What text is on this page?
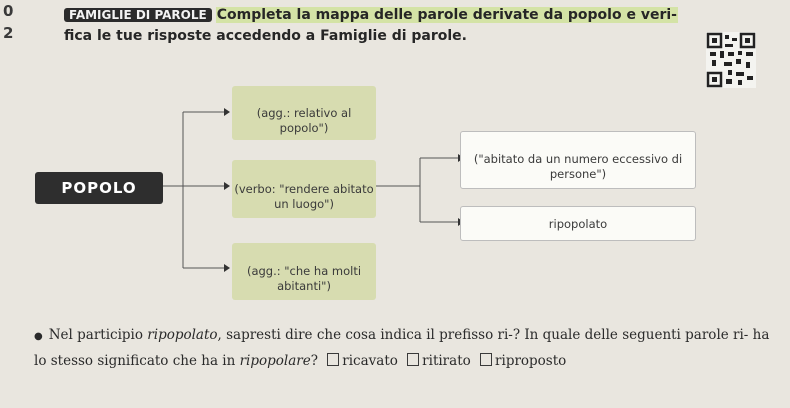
0
2
FAMIGLIE DI PAROLE Completa la mappa delle parole derivate da popolo e veri-
fica le tue risposte accedendo a Famiglie di parole.
POPOLO
(agg.: relativo al popolo")
(verbo: "rendere abitato un luogo")
(agg.: "che ha molti abitanti")
("abitato da un numero eccessivo di persone")
ripopolato
● Nel participio ripopolato, sapresti dire che cosa indica il prefisso ri-? In quale delle seguenti parole ri- ha
lo stesso significato che ha in ripopolare? ricavato ritirato riproposto
